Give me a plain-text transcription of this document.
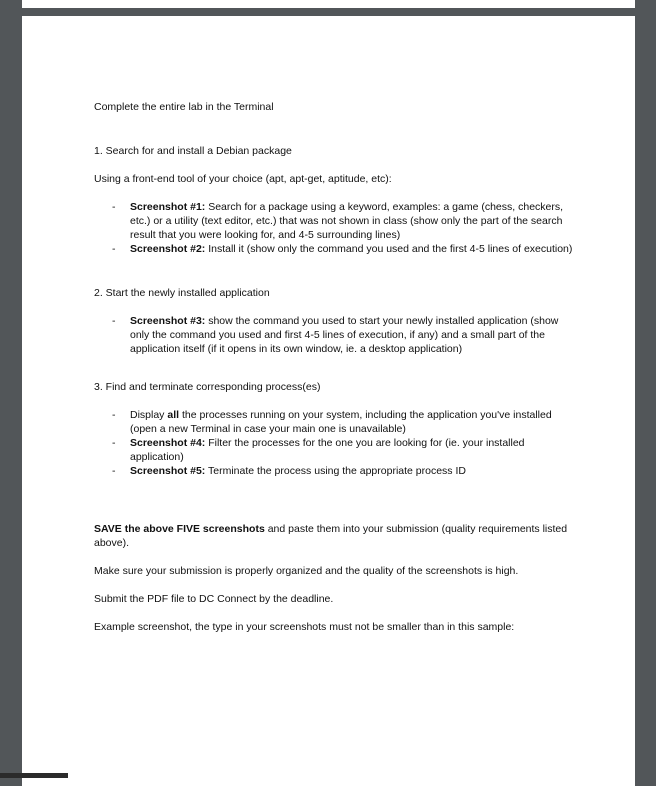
Complete the entire lab in the Terminal

1. Search for and install a Debian package

Using a front-end tool of your choice (apt, apt-get, aptitude, etc):

- Screenshot #1: Search for a package using a keyword, examples: a game (chess, checkers, etc.) or a utility (text editor, etc.) that was not shown in class (show only the part of the search result that you were looking for, and 4-5 surrounding lines)
- Screenshot #2: Install it (show only the command you used and the first 4-5 lines of execution)

2. Start the newly installed application

- Screenshot #3: show the command you used to start your newly installed application (show only the command you used and first 4-5 lines of execution, if any) and a small part of the application itself (if it opens in its own window, ie. a desktop application)

3. Find and terminate corresponding process(es)

- Display all the processes running on your system, including the application you've installed (open a new Terminal in case your main one is unavailable)
- Screenshot #4: Filter the processes for the one you are looking for (ie. your installed application)
- Screenshot #5: Terminate the process using the appropriate process ID

SAVE the above FIVE screenshots and paste them into your submission (quality requirements listed above).

Make sure your submission is properly organized and the quality of the screenshots is high.

Submit the PDF file to DC Connect by the deadline.

Example screenshot, the type in your screenshots must not be smaller than in this sample:
